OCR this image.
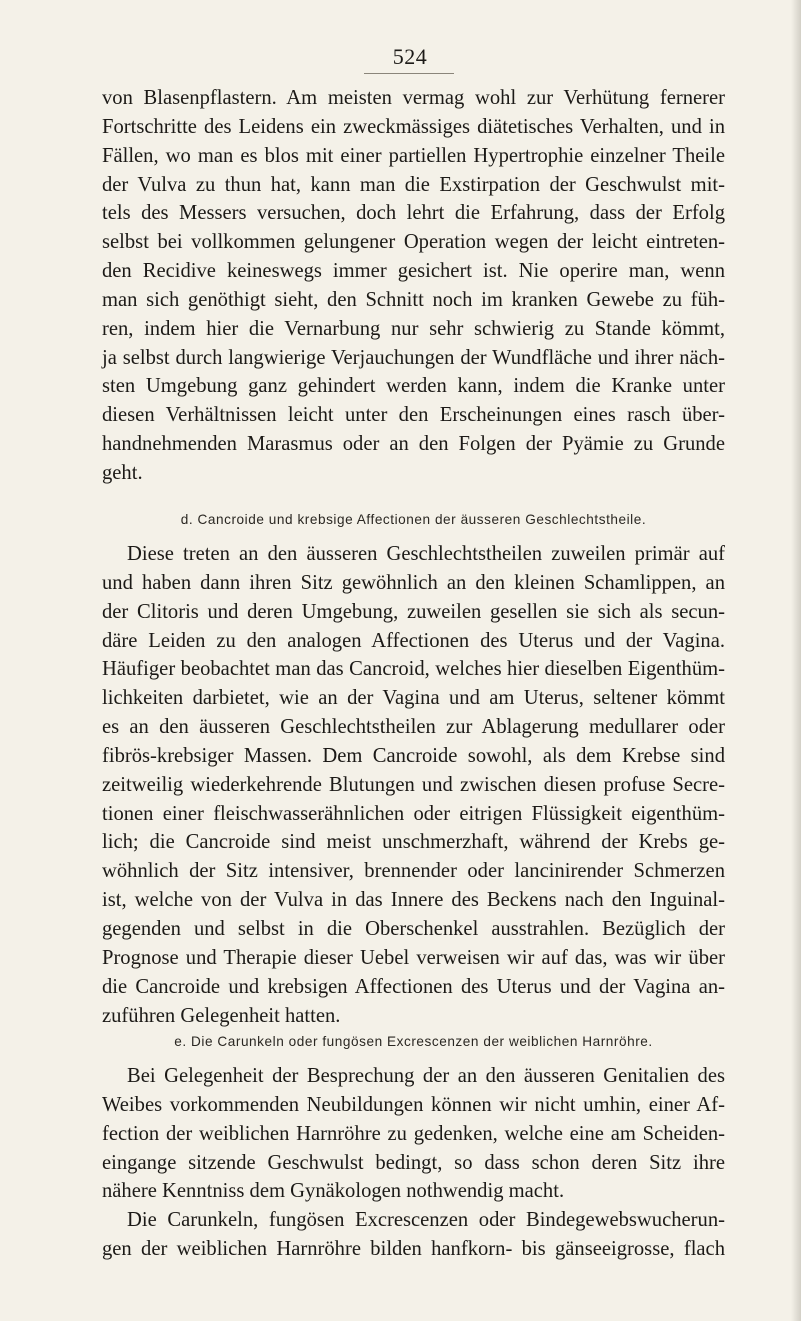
524
von Blasenpflastern. Am meisten vermag wohl zur Verhütung fernerer
Fortschritte des Leidens ein zweckmässiges diätetisches Verhalten, und in
Fällen, wo man es blos mit einer partiellen Hypertrophie einzelner Theile
der Vulva zu thun hat, kann man die Exstirpation der Geschwulst mit-
tels des Messers versuchen, doch lehrt die Erfahrung, dass der Erfolg
selbst bei vollkommen gelungener Operation wegen der leicht eintreten-
den Recidive keineswegs immer gesichert ist. Nie operire man, wenn
man sich genöthigt sieht, den Schnitt noch im kranken Gewebe zu füh-
ren, indem hier die Vernarbung nur sehr schwierig zu Stande kömmt,
ja selbst durch langwierige Verjauchungen der Wundfläche und ihrer näch-
sten Umgebung ganz gehindert werden kann, indem die Kranke unter
diesen Verhältnissen leicht unter den Erscheinungen eines rasch über-
handnehmenden Marasmus oder an den Folgen der Pyämie zu Grunde
geht.
d. Cancroide und krebsige Affectionen der äusseren Geschlechtstheile.
Diese treten an den äusseren Geschlechtstheilen zuweilen primär auf
und haben dann ihren Sitz gewöhnlich an den kleinen Schamlippen, an
der Clitoris und deren Umgebung, zuweilen gesellen sie sich als secun-
däre Leiden zu den analogen Affectionen des Uterus und der Vagina.
Häufiger beobachtet man das Cancroid, welches hier dieselben Eigenthüm-
lichkeiten darbietet, wie an der Vagina und am Uterus, seltener kömmt
es an den äusseren Geschlechtstheilen zur Ablagerung medullarer oder
fibrös-krebsiger Massen. Dem Cancroide sowohl, als dem Krebse sind
zeitweilig wiederkehrende Blutungen und zwischen diesen profuse Secre-
tionen einer fleischwasserähnlichen oder eitrigen Flüssigkeit eigenthüm-
lich; die Cancroide sind meist unschmerzhaft, während der Krebs ge-
wöhnlich der Sitz intensiver, brennender oder lancinirender Schmerzen
ist, welche von der Vulva in das Innere des Beckens nach den Inguinal-
gegenden und selbst in die Oberschenkel ausstrahlen. Bezüglich der
Prognose und Therapie dieser Uebel verweisen wir auf das, was wir über
die Cancroide und krebsigen Affectionen des Uterus und der Vagina an-
zuführen Gelegenheit hatten.
e. Die Carunkeln oder fungösen Excrescenzen der weiblichen Harnröhre.
Bei Gelegenheit der Besprechung der an den äusseren Genitalien des
Weibes vorkommenden Neubildungen können wir nicht umhin, einer Af-
fection der weiblichen Harnröhre zu gedenken, welche eine am Scheiden-
eingange sitzende Geschwulst bedingt, so dass schon deren Sitz ihre
nähere Kenntniss dem Gynäkologen nothwendig macht.
Die Carunkeln, fungösen Excrescenzen oder Bindegewebswucherun-
gen der weiblichen Harnröhre bilden hanfkorn- bis gänseeigrosse, flach
